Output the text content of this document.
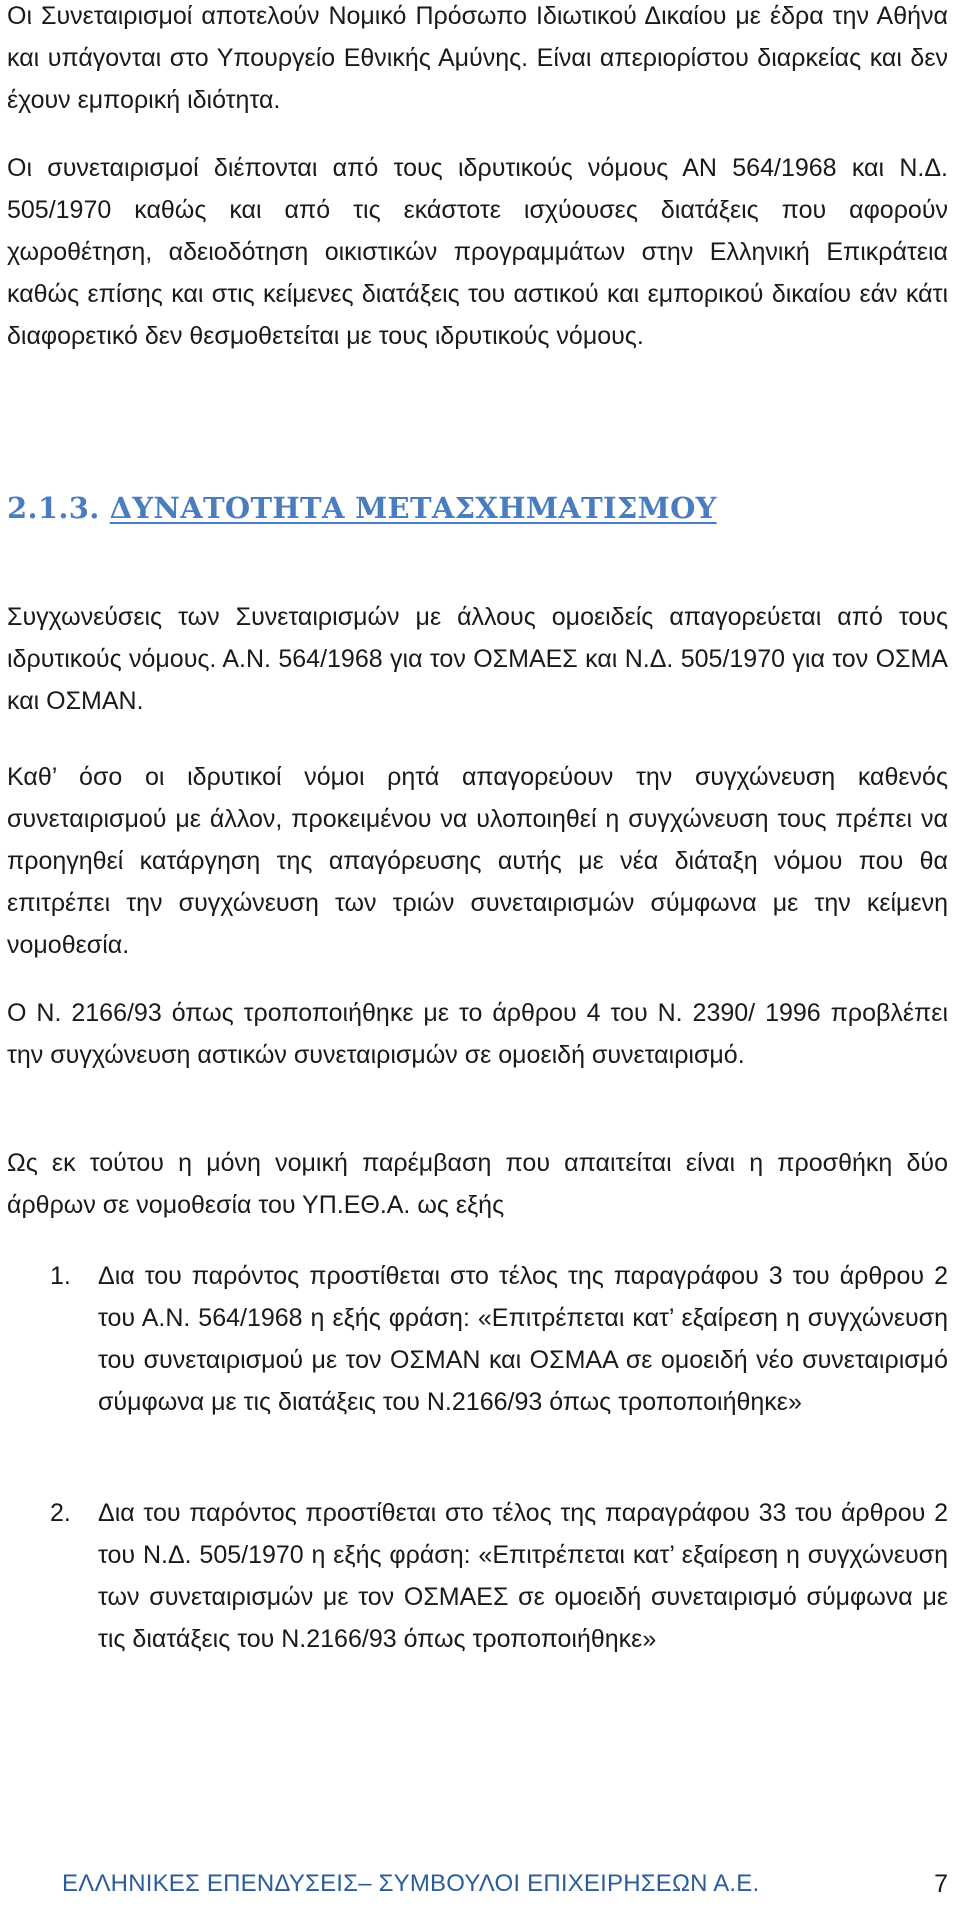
Οι Συνεταιρισμοί αποτελούν Νομικό Πρόσωπο Ιδιωτικού Δικαίου με έδρα την Αθήνα και υπάγονται στο Υπουργείο Εθνικής Αμύνης. Είναι απεριορίστου διαρκείας και δεν έχουν εμπορική ιδιότητα.

Οι συνεταιρισμοί διέπονται από τους ιδρυτικούς νόμους ΑΝ 564/1968 και Ν.Δ. 505/1970 καθώς και από τις εκάστοτε ισχύουσες διατάξεις που αφορούν χωροθέτηση, αδειοδότηση οικιστικών προγραμμάτων στην Ελληνική Επικράτεια καθώς επίσης και στις κείμενες διατάξεις του αστικού και εμπορικού δικαίου εάν κάτι διαφορετικό δεν θεσμοθετείται με τους ιδρυτικούς νόμους.

2.1.3. ΔΥΝΑΤΟΤΗΤΑ ΜΕΤΑΣΧΗΜΑΤΙΣΜΟΥ

Συγχωνεύσεις των Συνεταιρισμών με άλλους ομοειδείς απαγορεύεται από τους ιδρυτικούς νόμους. Α.Ν. 564/1968 για τον ΟΣΜΑΕΣ και Ν.Δ. 505/1970 για τον ΟΣΜΑ και ΟΣΜΑΝ.

Καθ’ όσο οι ιδρυτικοί νόμοι ρητά απαγορεύουν την συγχώνευση καθενός συνεταιρισμού με άλλον, προκειμένου να υλοποιηθεί η συγχώνευση τους πρέπει να προηγηθεί κατάργηση της απαγόρευσης αυτής με νέα διάταξη νόμου που θα επιτρέπει την συγχώνευση των τριών συνεταιρισμών σύμφωνα με την κείμενη νομοθεσία.

Ο Ν. 2166/93 όπως τροποποιήθηκε με το άρθρου 4 του Ν. 2390/ 1996 προβλέπει την συγχώνευση αστικών συνεταιρισμών σε ομοειδή συνεταιρισμό.

Ως εκ τούτου η μόνη νομική παρέμβαση που απαιτείται είναι η προσθήκη δύο άρθρων σε νομοθεσία του ΥΠ.ΕΘ.Α. ως εξής

1. Δια του παρόντος προστίθεται στο τέλος της παραγράφου 3 του άρθρου 2 του Α.Ν. 564/1968 η εξής φράση: «Επιτρέπεται κατ’ εξαίρεση η συγχώνευση του συνεταιρισμού με τον ΟΣΜΑΝ και ΟΣΜΑΑ σε ομοειδή νέο συνεταιρισμό σύμφωνα με τις διατάξεις του Ν.2166/93 όπως τροποποιήθηκε»

2. Δια του παρόντος προστίθεται στο τέλος της παραγράφου 33 του άρθρου 2 του Ν.Δ. 505/1970 η εξής φράση: «Επιτρέπεται κατ’ εξαίρεση η συγχώνευση των συνεταιρισμών με τον ΟΣΜΑΕΣ σε ομοειδή συνεταιρισμό σύμφωνα με τις διατάξεις του Ν.2166/93 όπως τροποποιήθηκε»

ΕΛΛΗΝΙΚΕΣ ΕΠΕΝΔΥΣΕΙΣ– ΣΥΜΒΟΥΛΟΙ ΕΠΙΧΕΙΡΗΣΕΩΝ Α.Ε.	7
